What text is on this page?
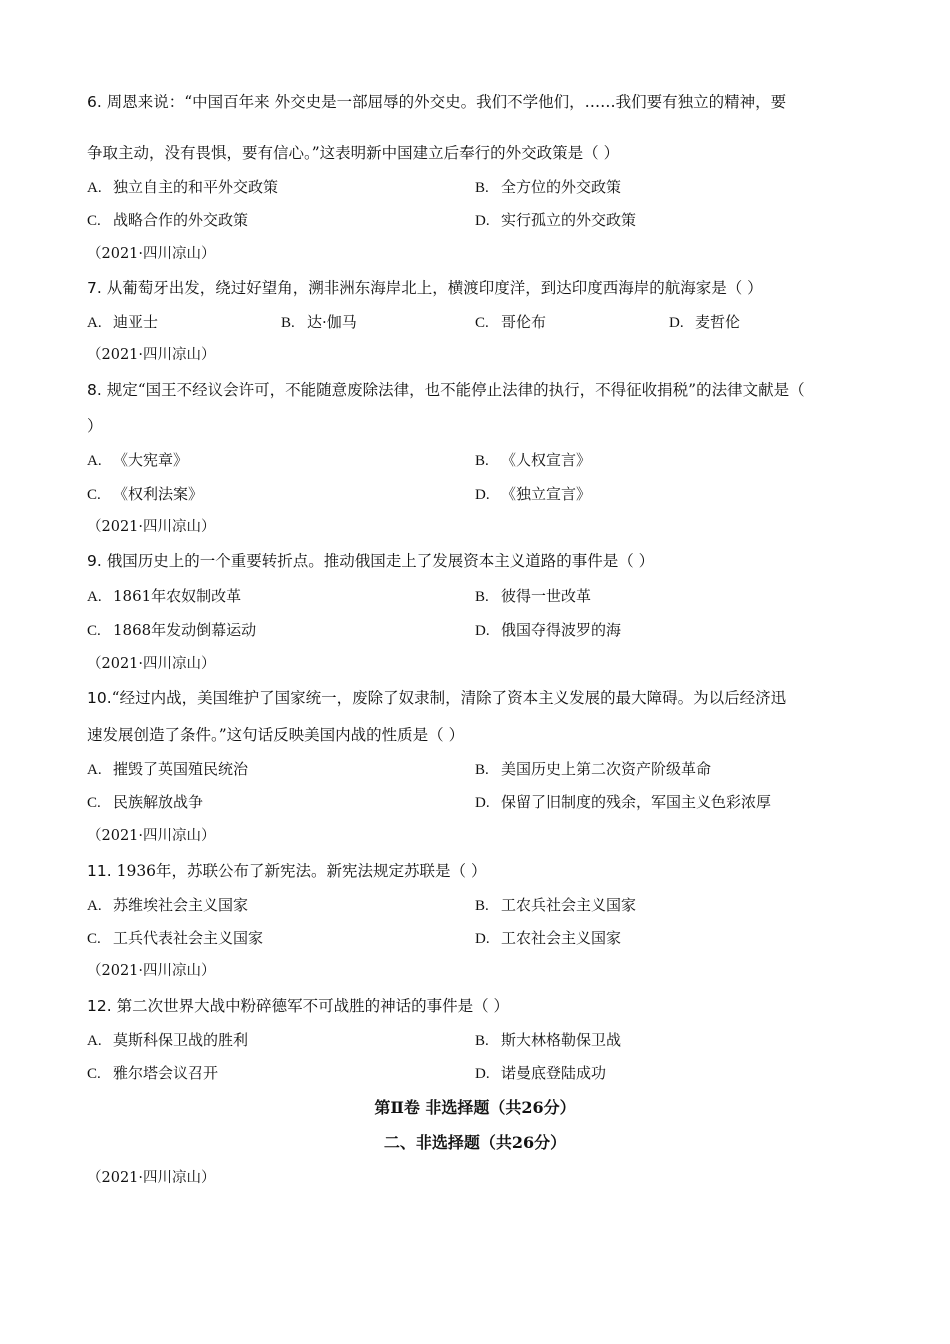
6. 周恩来说：“中国百年来 外交史是一部屈辱的外交史。我们不学他们，……我们要有独立的精神，要
争取主动，没有畏惧，要有信心。”这表明新中国建立后奉行的外交政策是（ ）
A. 独立自主的和平外交政策	B. 全方位的外交政策
C. 战略合作的外交政策	D. 实行孤立的外交政策
（2021·四川凉山）
7. 从葡萄牙出发，绕过好望角，溯非洲东海岸北上，横渡印度洋，到达印度西海岸的航海家是（ ）
A. 迪亚士	B. 达·伽马	C. 哥伦布	D. 麦哲伦
（2021·四川凉山）
8. 规定“国王不经议会许可，不能随意废除法律，也不能停止法律的执行，不得征收捐税”的法律文献是（
）
A. 《大宪章》	B. 《人权宣言》
C. 《权利法案》	D. 《独立宣言》
（2021·四川凉山）
9. 俄国历史上的一个重要转折点。推动俄国走上了发展资本主义道路的事件是（ ）
A. 1861年农奴制改革	B. 彼得一世改革
C. 1868年发动倒幕运动	D. 俄国夺得波罗的海
（2021·四川凉山）
10.“经过内战，美国维护了国家统一，废除了奴隶制，清除了资本主义发展的最大障碍。为以后经济迅
速发展创造了条件。”这句话反映美国内战的性质是（ ）
A. 摧毁了英国殖民统治	B. 美国历史上第二次资产阶级革命
C. 民族解放战争	D. 保留了旧制度的残余，军国主义色彩浓厚
（2021·四川凉山）
11. 1936年，苏联公布了新宪法。新宪法规定苏联是（ ）
A. 苏维埃社会主义国家	B. 工农兵社会主义国家
C. 工兵代表社会主义国家	D. 工农社会主义国家
（2021·四川凉山）
12. 第二次世界大战中粉碎德军不可战胜的神话的事件是（ ）
A. 莫斯科保卫战的胜利	B. 斯大林格勒保卫战
C. 雅尔塔会议召开	D. 诺曼底登陆成功
第Ⅱ卷 非选择题（共26分）
二、非选择题（共26分）
（2021·四川凉山）
